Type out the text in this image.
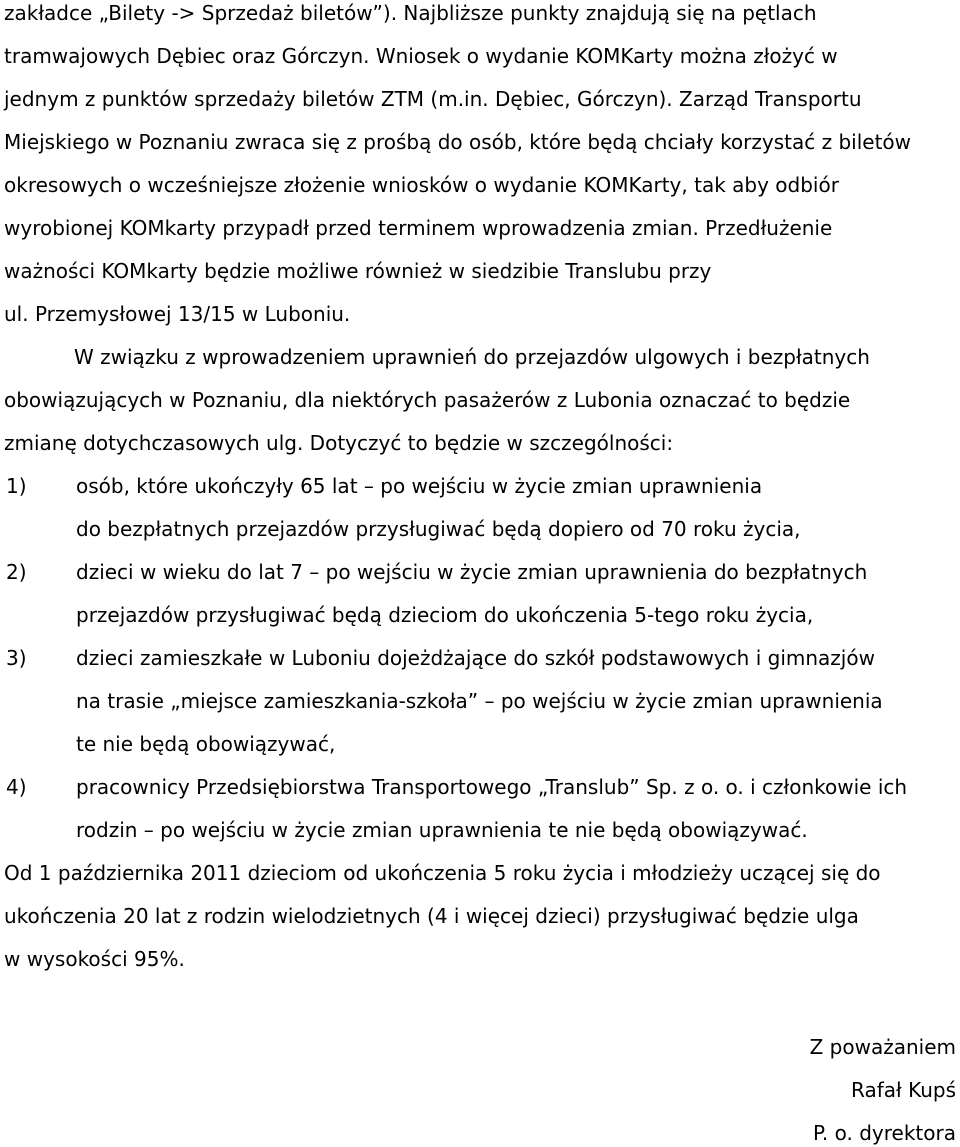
zakładce „Bilety -> Sprzedaż biletów”). Najbliższe punkty znajdują się na pętlach
tramwajowych Dębiec oraz Górczyn. Wniosek o wydanie KOMKarty można złożyć w
jednym z punktów sprzedaży biletów ZTM (m.in. Dębiec, Górczyn). Zarząd Transportu
Miejskiego w Poznaniu zwraca się z prośbą do osób, które będą chciały korzystać z biletów
okresowych o wcześniejsze złożenie wniosków o wydanie KOMKarty, tak aby odbiór
wyrobionej KOMkarty przypadł przed terminem wprowadzenia zmian. Przedłużenie
ważności KOMkarty będzie możliwe również w siedzibie Translubu przy
ul. Przemysłowej 13/15 w Luboniu.
W związku z wprowadzeniem uprawnień do przejazdów ulgowych i bezpłatnych
obowiązujących w Poznaniu, dla niektórych pasażerów z Lubonia oznaczać to będzie
zmianę dotychczasowych ulg. Dotyczyć to będzie w szczególności:
1) osób, które ukończyły 65 lat – po wejściu w życie zmian uprawnienia
do bezpłatnych przejazdów przysługiwać będą dopiero od 70 roku życia,
2) dzieci w wieku do lat 7 – po wejściu w życie zmian uprawnienia do bezpłatnych
przejazdów przysługiwać będą dzieciom do ukończenia 5-tego roku życia,
3) dzieci zamieszkałe w Luboniu dojeżdżające do szkół podstawowych i gimnazjów
na trasie „miejsce zamieszkania-szkoła” – po wejściu w życie zmian uprawnienia
te nie będą obowiązywać,
4) pracownicy Przedsiębiorstwa Transportowego „Translub” Sp. z o. o. i członkowie ich
rodzin – po wejściu w życie zmian uprawnienia te nie będą obowiązywać.
Od 1 października 2011 dzieciom od ukończenia 5 roku życia i młodzieży uczącej się do
ukończenia 20 lat z rodzin wielodzietnych (4 i więcej dzieci) przysługiwać będzie ulga
w wysokości 95%.
Z poważaniem
Rafał Kupś
P. o. dyrektora
